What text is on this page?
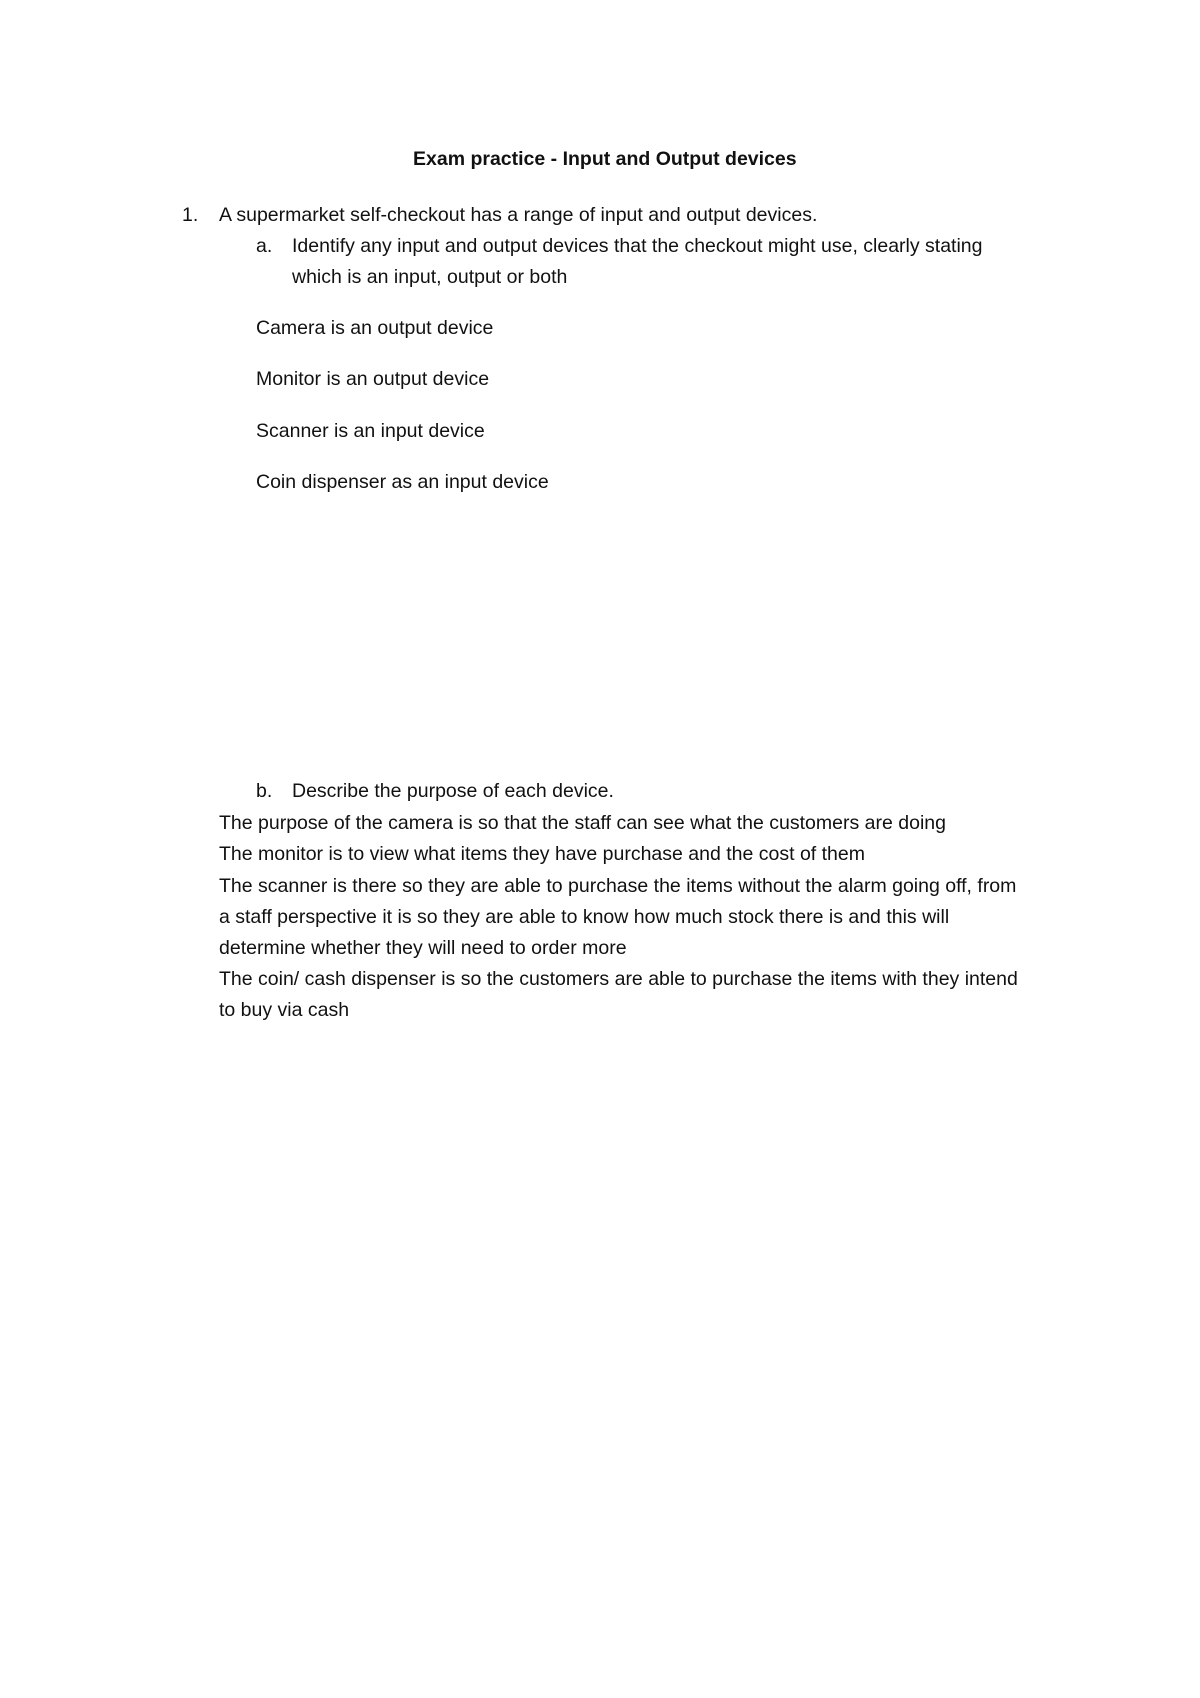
Exam practice - Input and Output devices
1. A supermarket self-checkout has a range of input and output devices.
a. Identify any input and output devices that the checkout might use, clearly stating
which is an input, output or both
Camera is an output device
Monitor is an output device
Scanner is an input device
Coin dispenser as an input device
b. Describe the purpose of each device.
The purpose of the camera is so that the staff can see what the customers are doing
The monitor is to view what items they have purchase and the cost of them
The scanner is there so they are able to purchase the items without the alarm going off, from
a staff perspective it is so they are able to know how much stock there is and this will
determine whether they will need to order more
The coin/ cash dispenser is so the customers are able to purchase the items with they intend
to buy via cash
